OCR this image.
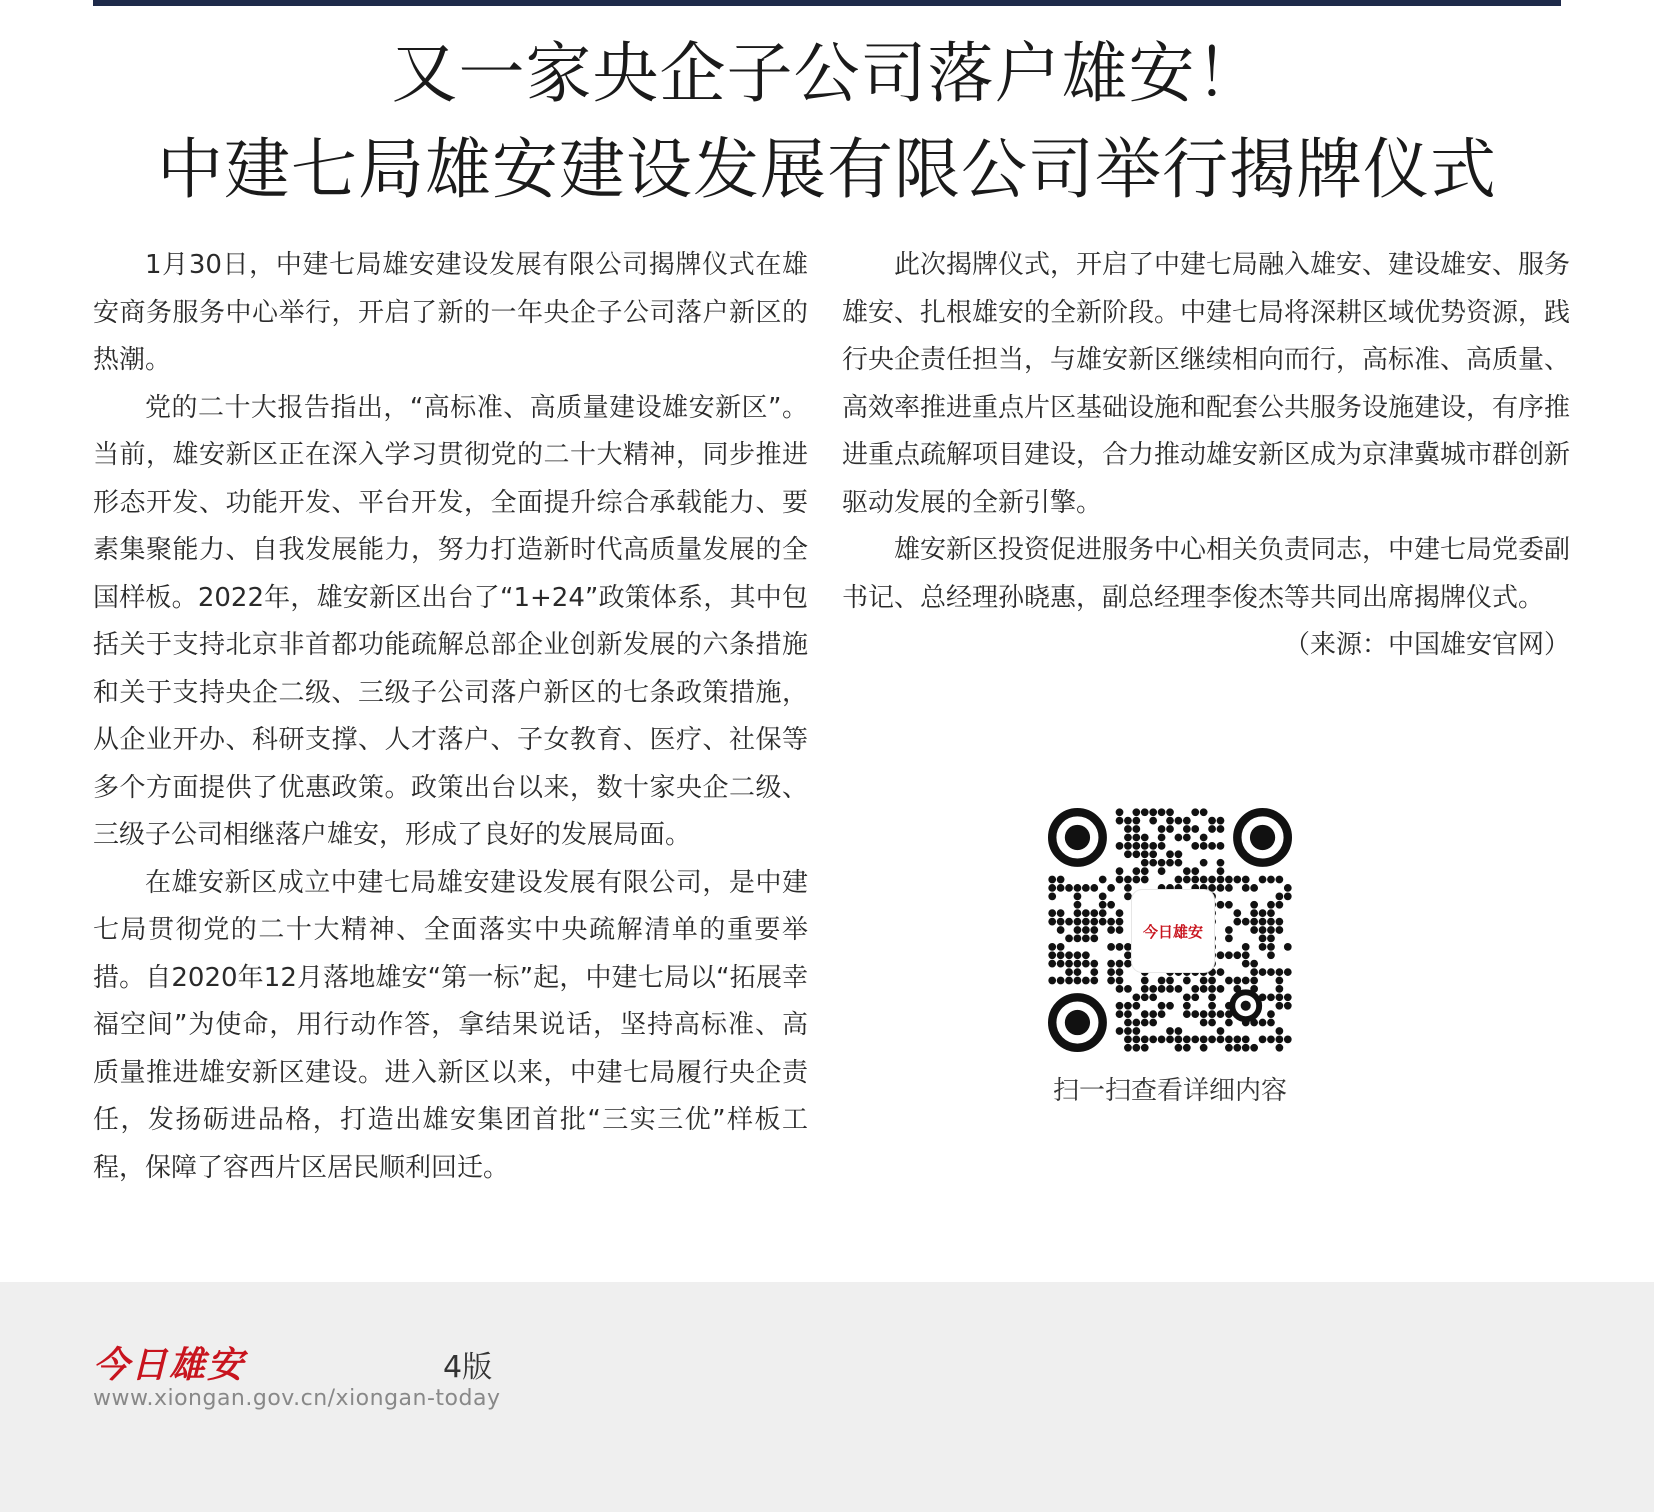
又一家央企子公司落户雄安！
中建七局雄安建设发展有限公司举行揭牌仪式

1月30日，中建七局雄安建设发展有限公司揭牌仪式在雄安商务服务中心举行，开启了新的一年央企子公司落户新区的热潮。

党的二十大报告指出，“高标准、高质量建设雄安新区”。当前，雄安新区正在深入学习贯彻党的二十大精神，同步推进形态开发、功能开发、平台开发，全面提升综合承载能力、要素集聚能力、自我发展能力，努力打造新时代高质量发展的全国样板。2022年，雄安新区出台了“1+24”政策体系，其中包括关于支持北京非首都功能疏解总部企业创新发展的六条措施和关于支持央企二级、三级子公司落户新区的七条政策措施，从企业开办、科研支撑、人才落户、子女教育、医疗、社保等多个方面提供了优惠政策。政策出台以来，数十家央企二级、三级子公司相继落户雄安，形成了良好的发展局面。

在雄安新区成立中建七局雄安建设发展有限公司，是中建七局贯彻党的二十大精神、全面落实中央疏解清单的重要举措。自2020年12月落地雄安“第一标”起，中建七局以“拓展幸福空间”为使命，用行动作答，拿结果说话，坚持高标准、高质量推进雄安新区建设。进入新区以来，中建七局履行央企责任，发扬砺进品格，打造出雄安集团首批“三实三优”样板工程，保障了容西片区居民顺利回迁。

此次揭牌仪式，开启了中建七局融入雄安、建设雄安、服务雄安、扎根雄安的全新阶段。中建七局将深耕区域优势资源，践行央企责任担当，与雄安新区继续相向而行，高标准、高质量、高效率推进重点片区基础设施和配套公共服务设施建设，有序推进重点疏解项目建设，合力推动雄安新区成为京津冀城市群创新驱动发展的全新引擎。

雄安新区投资促进服务中心相关负责同志，中建七局党委副书记、总经理孙晓惠，副总经理李俊杰等共同出席揭牌仪式。

（来源：中国雄安官网）

今日雄安
扫一扫查看详细内容
今日雄安	4版
www.xiongan.gov.cn/xiongan-today
